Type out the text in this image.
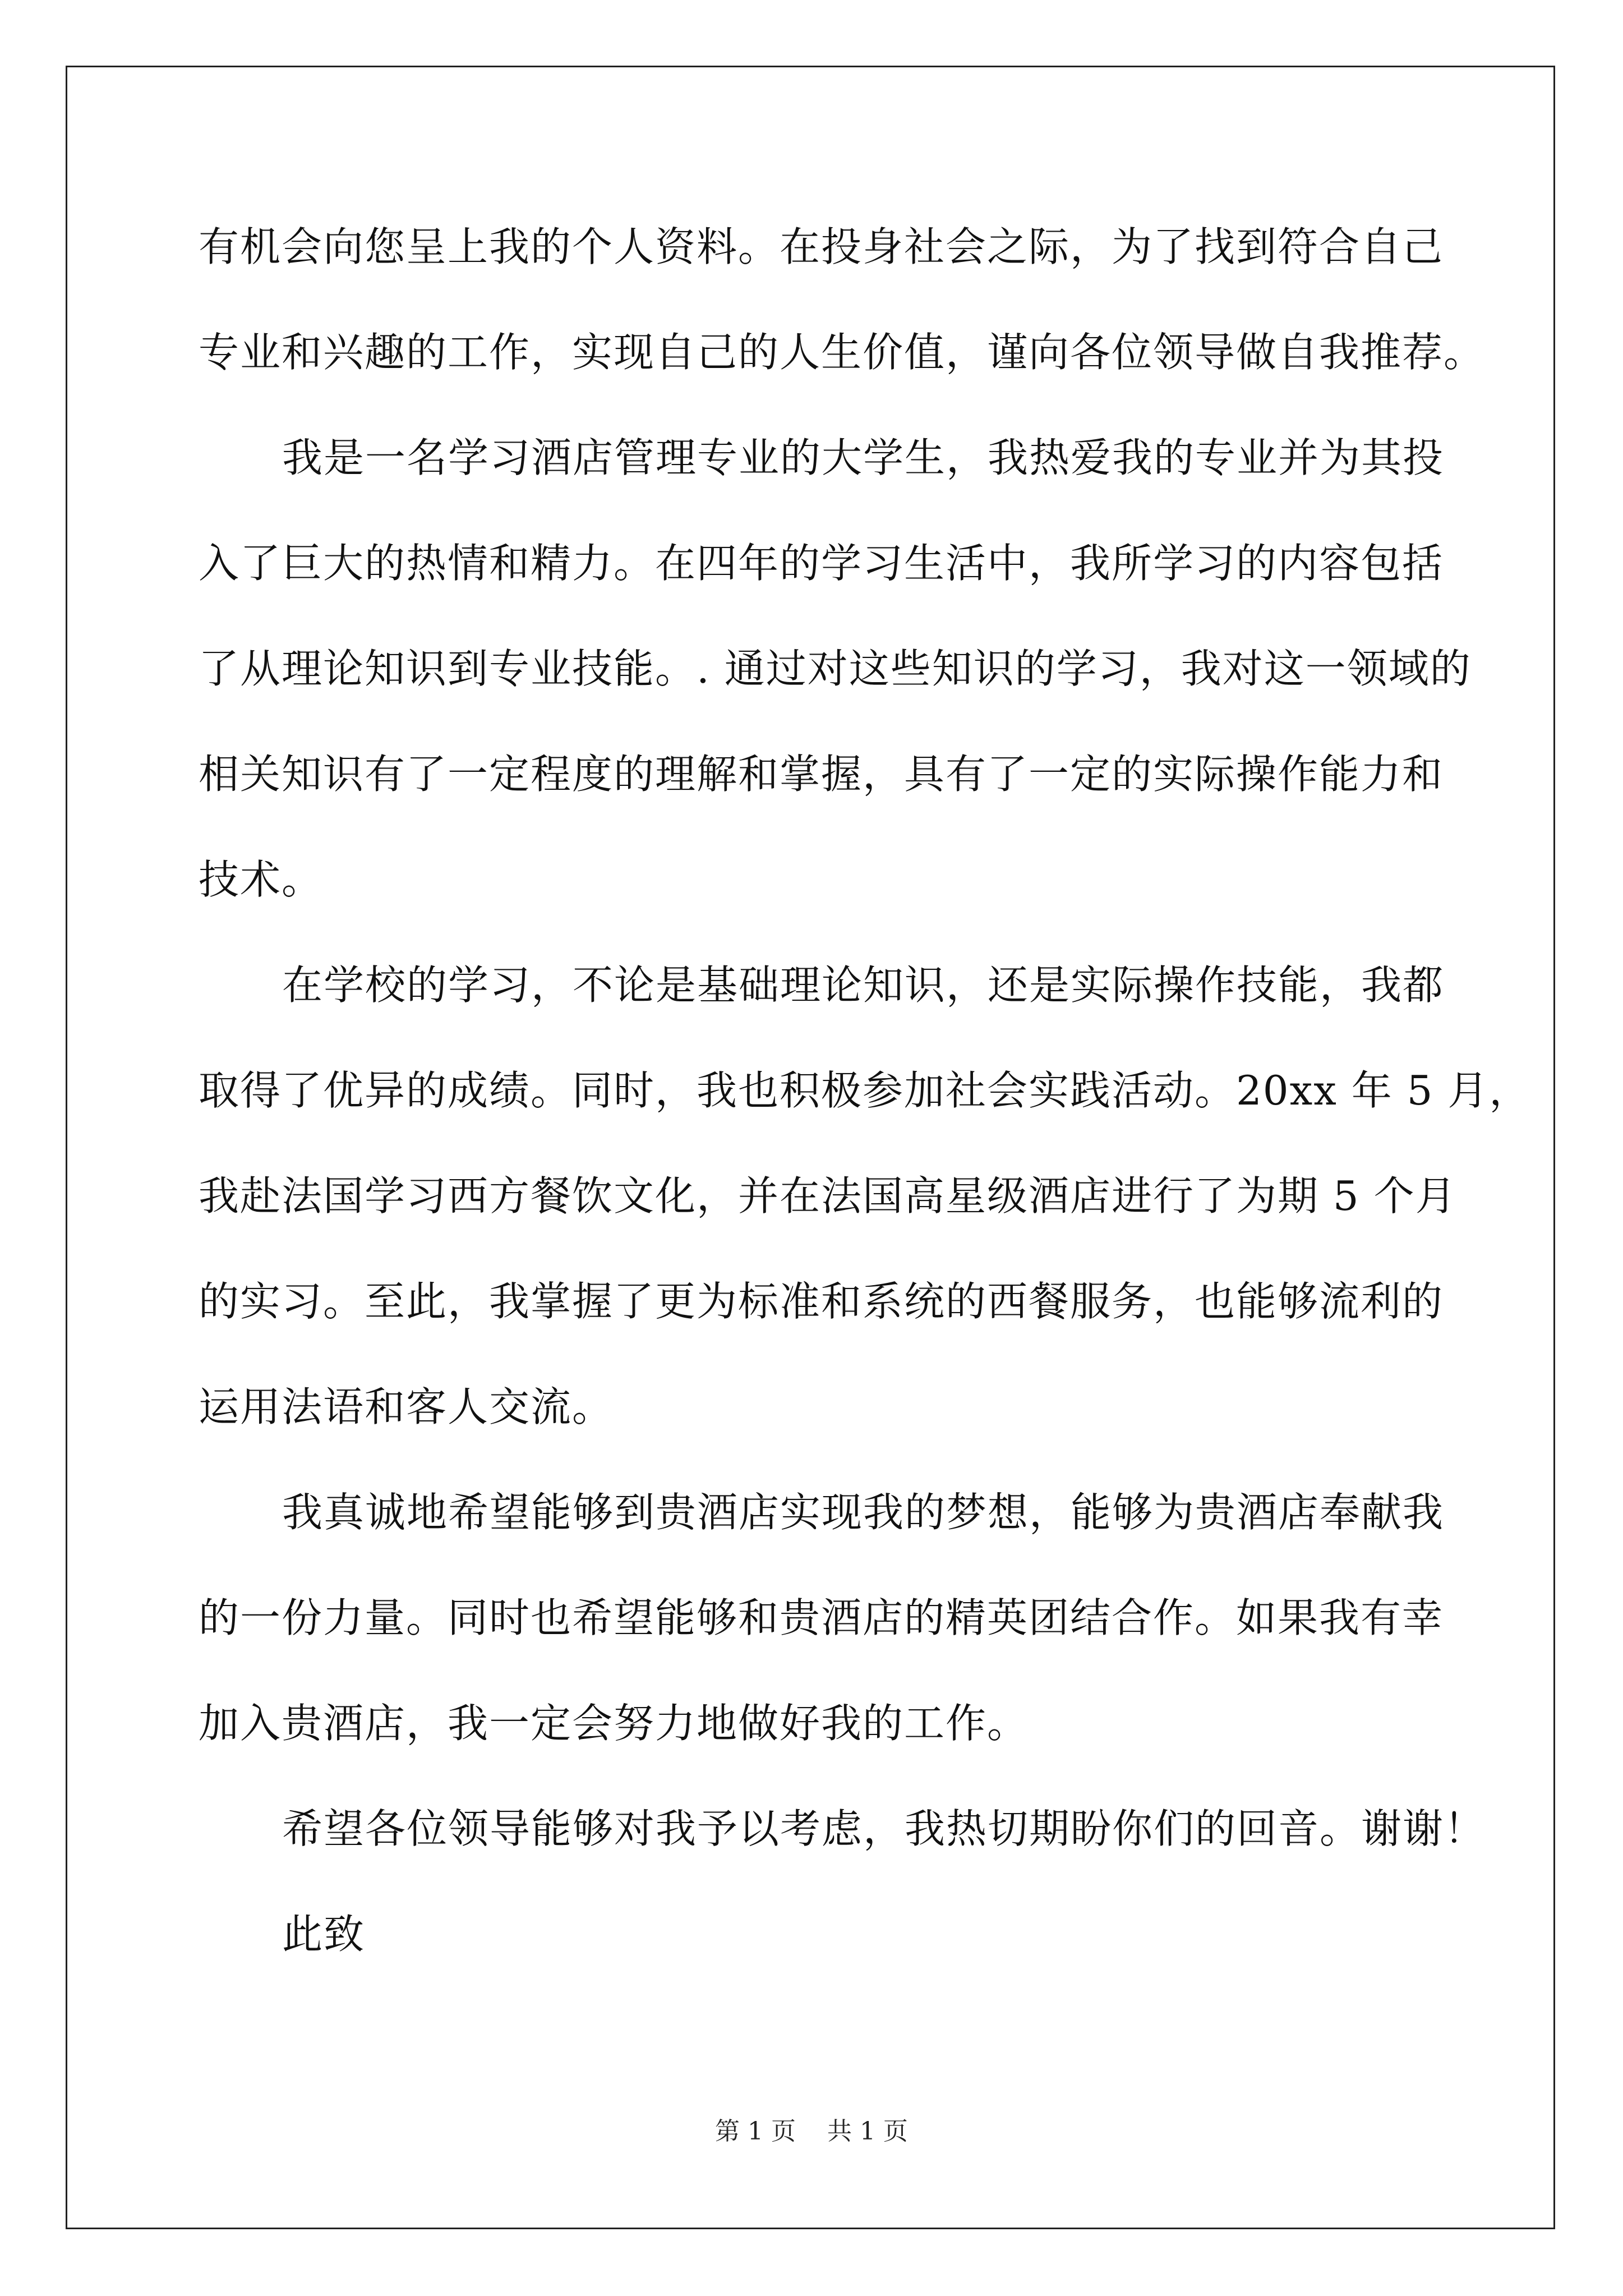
有机会向您呈上我的个人资料。在投身社会之际，为了找到符合自己
专业和兴趣的工作，实现自己的人生价值，谨向各位领导做自我推荐。
我是一名学习酒店管理专业的大学生，我热爱我的专业并为其投
入了巨大的热情和精力。在四年的学习生活中，我所学习的内容包括
了从理论知识到专业技能。. 通过对这些知识的学习，我对这一领域的
相关知识有了一定程度的理解和掌握，具有了一定的实际操作能力和
技术。
在学校的学习，不论是基础理论知识，还是实际操作技能，我都
取得了优异的成绩。同时，我也积极参加社会实践活动。20xx 年 5 月，
我赴法国学习西方餐饮文化，并在法国高星级酒店进行了为期 5 个月
的实习。至此，我掌握了更为标准和系统的西餐服务，也能够流利的
运用法语和客人交流。
我真诚地希望能够到贵酒店实现我的梦想，能够为贵酒店奉献我
的一份力量。同时也希望能够和贵酒店的精英团结合作。如果我有幸
加入贵酒店，我一定会努力地做好我的工作。
希望各位领导能够对我予以考虑，我热切期盼你们的回音。谢谢！
此致
第 1 页    共 1 页
